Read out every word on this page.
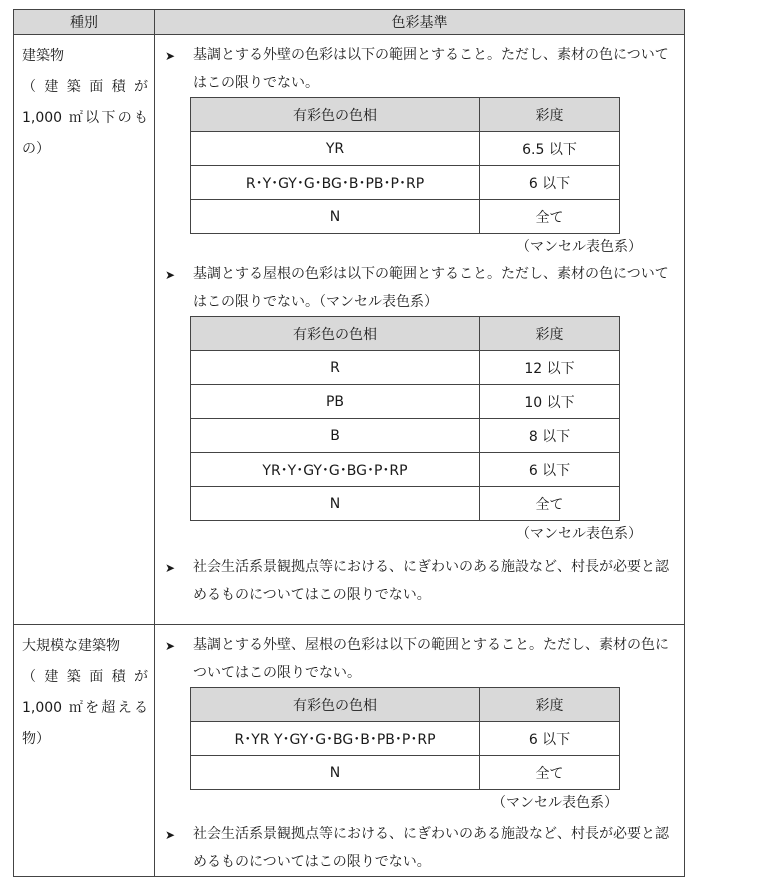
種別	色彩基準

建築物
（ 建 築 面 積 が
1,000 ㎡以下のも
の）

➤	基調とする外壁の色彩は以下の範囲とすること。ただし、素材の色についてはこの限りでない。
有彩色の色相	彩度
YR	6.5 以下
R･Y･GY･G･BG･B･PB･P･RP	6 以下
N	全て
（マンセル表色系）
➤	基調とする屋根の色彩は以下の範囲とすること。ただし、素材の色についてはこの限りでない。（マンセル表色系）
有彩色の色相	彩度
R	12 以下
PB	10 以下
B	8 以下
YR･Y･GY･G･BG･P･RP	6 以下
N	全て
（マンセル表色系）
➤	社会生活系景観拠点等における、にぎわいのある施設など、村長が必要と認めるものについてはこの限りでない。

大規模な建築物
（ 建 築 面 積 が
1,000 ㎡を超える
物）

➤	基調とする外壁、屋根の色彩は以下の範囲とすること。ただし、素材の色についてはこの限りでない。
有彩色の色相	彩度
R･YR Y･GY･G･BG･B･PB･P･RP	6 以下
N	全て
（マンセル表色系）
➤	社会生活系景観拠点等における、にぎわいのある施設など、村長が必要と認めるものについてはこの限りでない。
